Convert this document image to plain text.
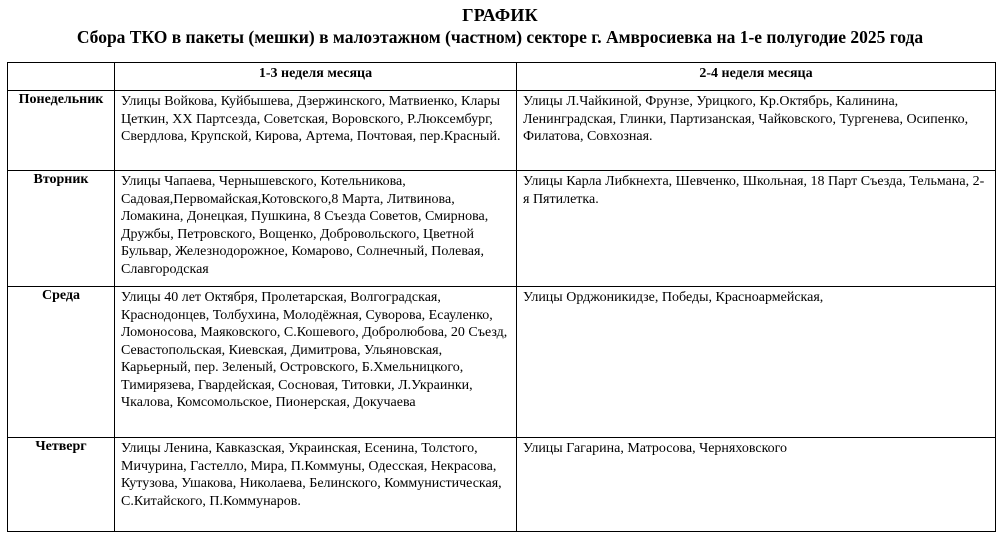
ГРАФИК
Сбора ТКО в пакеты (мешки) в малоэтажном (частном) секторе г. Амвросиевка на 1-е полугодие 2025 года
	1-3 неделя месяца	2-4 неделя месяца
Понедельник	Улицы Войкова, Куйбышева, Дзержинского, Матвиенко, Клары Цеткин, XX Партсезда, Советская, Воровского, Р.Люксембург, Свердлова, Крупской, Кирова, Артема, Почтовая, пер.Красный.	Улицы Л.Чайкиной, Фрунзе, Урицкого, Кр.Октябрь, Калинина, Ленинградская, Глинки, Партизанская, Чайковского, Тургенева, Осипенко, Филатова, Совхозная.
Вторник	Улицы Чапаева, Чернышевского, Котельникова, Садовая,Первомайская,Котовского,8 Марта, Литвинова, Ломакина, Донецкая, Пушкина, 8 Съезда Советов, Смирнова, Дружбы, Петровского, Вощенко, Добровольского, Цветной Бульвар, Железнодорожное, Комарово, Солнечный, Полевая, Славгородская	Улицы Карла Либкнехта, Шевченко, Школьная, 18 Парт Съезда, Тельмана, 2-я Пятилетка.
Среда	Улицы 40 лет Октября, Пролетарская, Волгоградская, Краснодонцев, Толбухина, Молодёжная, Суворова, Есауленко, Ломоносова, Маяковского, С.Кошевого, Добролюбова, 20 Съезд, Севастопольская, Киевская, Димитрова, Ульяновская, Карьерный, пер. Зеленый, Островского, Б.Хмельницкого, Тимирязева, Гвардейская, Сосновая, Титовки, Л.Украинки, Чкалова, Комсомольское, Пионерская, Докучаева	Улицы Орджоникидзе, Победы, Красноармейская,
Четверг	Улицы Ленина, Кавказская, Украинская, Есенина, Толстого, Мичурина, Гастелло, Мира, П.Коммуны, Одесская, Некрасова, Кутузова, Ушакова, Николаева, Белинского, Коммунистическая, С.Китайского, П.Коммунаров.	Улицы Гагарина, Матросова, Черняховского
